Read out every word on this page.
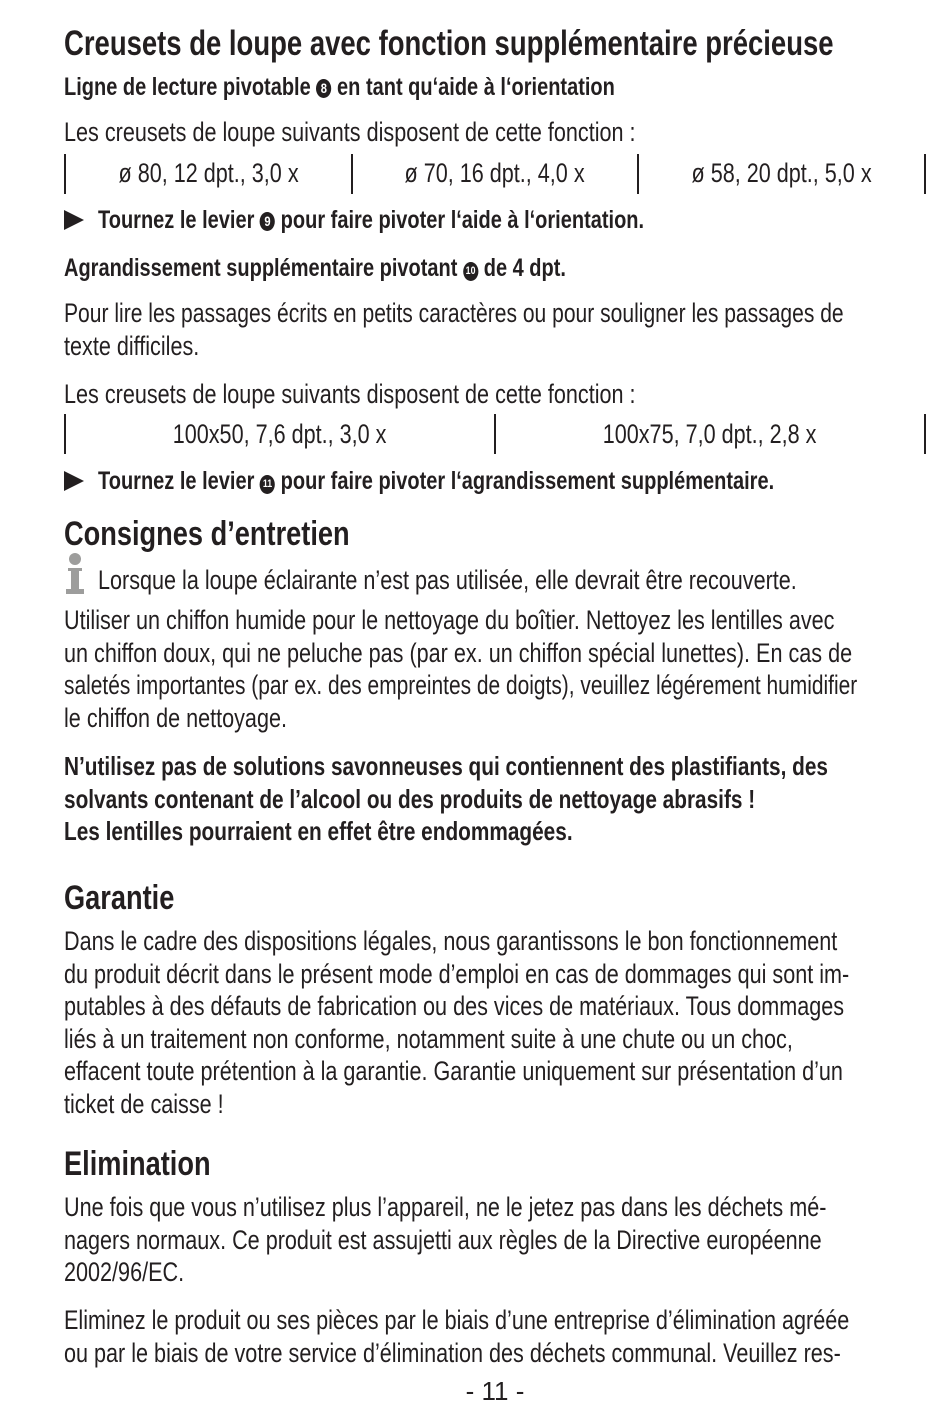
Creusets de loupe avec fonction supplémentaire précieuse
Ligne de lecture pivotable 8 en tant qu‘aide à l‘orientation
Les creusets de loupe suivants disposent de cette fonction :
ø 80, 12 dpt., 3,0 x	ø 70, 16 dpt., 4,0 x	ø 58, 20 dpt., 5,0 x
Tournez le levier 9 pour faire pivoter l‘aide à l‘orientation.
Agrandissement supplémentaire pivotant 10 de 4 dpt.
Pour lire les passages écrits en petits caractères ou pour souligner les passages de
texte difficiles.
Les creusets de loupe suivants disposent de cette fonction :
100x50, 7,6 dpt., 3,0 x	100x75, 7,0 dpt., 2,8 x
Tournez le levier 11 pour faire pivoter l‘agrandissement supplémentaire.
Consignes d’entretien
Lorsque la loupe éclairante n’est pas utilisée, elle devrait être recouverte.
Utiliser un chiffon humide pour le nettoyage du boîtier. Nettoyez les lentilles avec
un chiffon doux, qui ne peluche pas (par ex. un chiffon spécial lunettes). En cas de
saletés importantes (par ex. des empreintes de doigts), veuillez légérement humidifier
le chiffon de nettoyage.
N’utilisez pas de solutions savonneuses qui contiennent des plastifiants, des
solvants contenant de l’alcool ou des produits de nettoyage abrasifs !
Les lentilles pourraient en effet être endommagées.
Garantie
Dans le cadre des dispositions légales, nous garantissons le bon fonctionnement
du produit décrit dans le présent mode d’emploi en cas de dommages qui sont im-
putables à des défauts de fabrication ou des vices de matériaux. Tous dommages
liés à un traitement non conforme, notamment suite à une chute ou un choc,
effacent toute prétention à la garantie. Garantie uniquement sur présentation d’un
ticket de caisse !
Elimination
Une fois que vous n’utilisez plus l’appareil, ne le jetez pas dans les déchets mé-
nagers normaux. Ce produit est assujetti aux règles de la Directive européenne
2002/96/EC.
Eliminez le produit ou ses pièces par le biais d’une entreprise d’élimination agréée
ou par le biais de votre service d’élimination des déchets communal. Veuillez res-
- 11 -
